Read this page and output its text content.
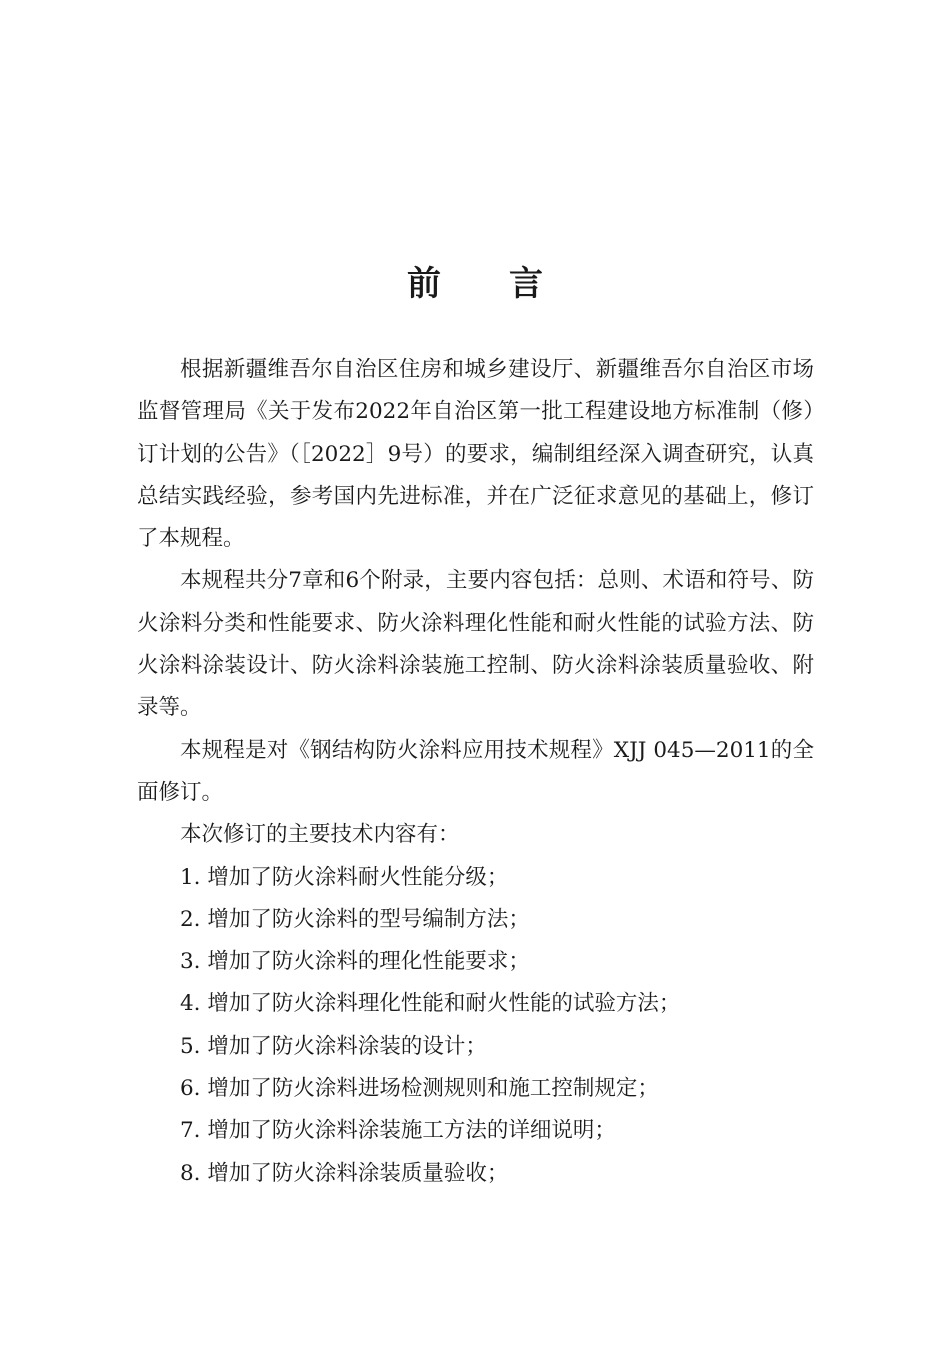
前言

根据新疆维吾尔自治区住房和城乡建设厅、新疆维吾尔自治区市场监督管理局《关于发布2022年自治区第一批工程建设地方标准制（修）订计划的公告》（［2022］9号）的要求，编制组经深入调查研究，认真总结实践经验，参考国内先进标准，并在广泛征求意见的基础上，修订了本规程。

本规程共分7章和6个附录，主要内容包括：总则、术语和符号、防火涂料分类和性能要求、防火涂料理化性能和耐火性能的试验方法、防火涂料涂装设计、防火涂料涂装施工控制、防火涂料涂装质量验收、附录等。

本规程是对《钢结构防火涂料应用技术规程》XJJ 045—2011的全面修订。

本次修订的主要技术内容有：

1. 增加了防火涂料耐火性能分级；

2. 增加了防火涂料的型号编制方法；

3. 增加了防火涂料的理化性能要求；

4. 增加了防火涂料理化性能和耐火性能的试验方法；

5. 增加了防火涂料涂装的设计；

6. 增加了防火涂料进场检测规则和施工控制规定；

7. 增加了防火涂料涂装施工方法的详细说明；

8. 增加了防火涂料涂装质量验收；
